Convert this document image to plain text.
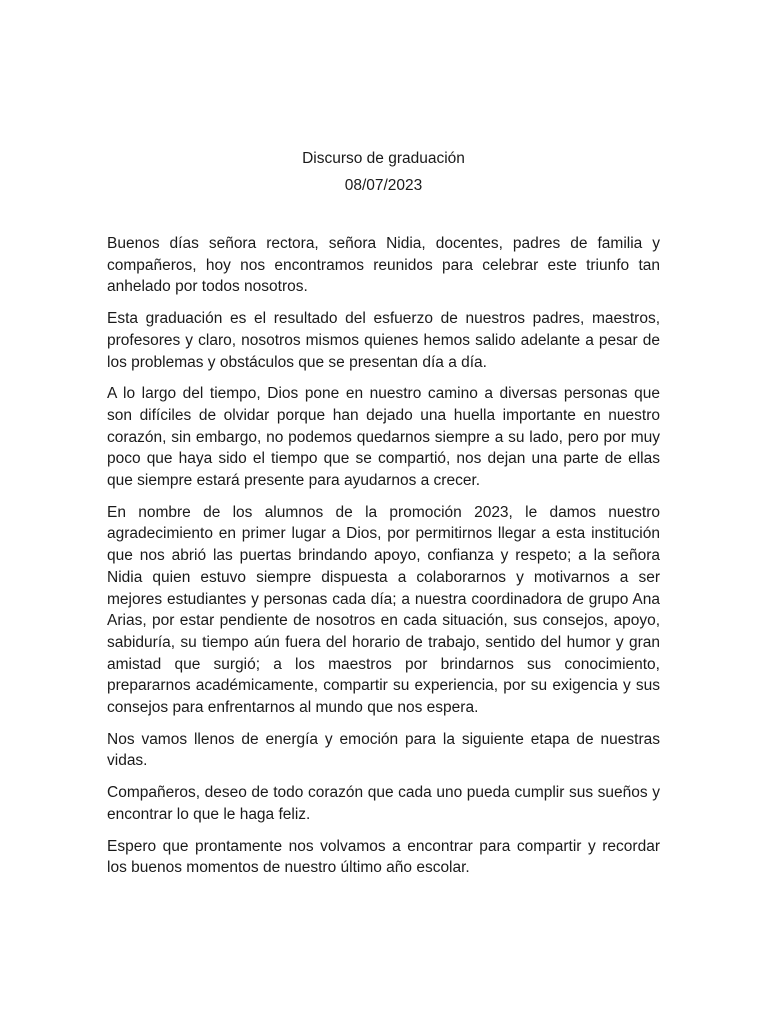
Discurso de graduación

08/07/2023

Buenos días señora rectora, señora Nidia, docentes, padres de familia y compañeros, hoy nos encontramos reunidos para celebrar este triunfo tan anhelado por todos nosotros.

Esta graduación es el resultado del esfuerzo de nuestros padres, maestros, profesores y claro, nosotros mismos quienes hemos salido adelante a pesar de los problemas y obstáculos que se presentan día a día.

A lo largo del tiempo, Dios pone en nuestro camino a diversas personas que son difíciles de olvidar porque han dejado una huella importante en nuestro corazón, sin embargo, no podemos quedarnos siempre a su lado, pero por muy poco que haya sido el tiempo que se compartió, nos dejan una parte de ellas que siempre estará presente para ayudarnos a crecer.

En nombre de los alumnos de la promoción 2023, le damos nuestro agradecimiento en primer lugar a Dios, por permitirnos llegar a esta institución que nos abrió las puertas brindando apoyo, confianza y respeto; a la señora Nidia quien estuvo siempre dispuesta a colaborarnos y motivarnos a ser mejores estudiantes y personas cada día; a nuestra coordinadora de grupo Ana Arias, por estar pendiente de nosotros en cada situación, sus consejos, apoyo, sabiduría, su tiempo aún fuera del horario de trabajo, sentido del humor y gran amistad que surgió; a los maestros por brindarnos sus conocimiento, prepararnos académicamente, compartir su experiencia, por su exigencia y sus consejos para enfrentarnos al mundo que nos espera.

Nos vamos llenos de energía y emoción para la siguiente etapa de nuestras vidas.

Compañeros, deseo de todo corazón que cada uno pueda cumplir sus sueños y encontrar lo que le haga feliz.

Espero que prontamente nos volvamos a encontrar para compartir y recordar los buenos momentos de nuestro último año escolar.
